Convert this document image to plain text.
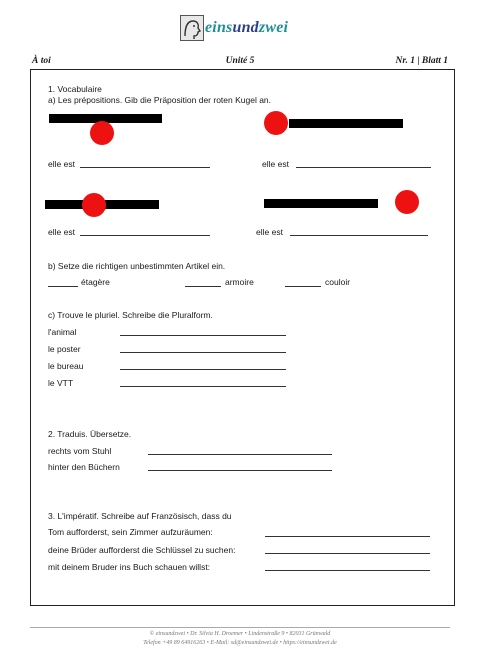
einsundzwei
À toi	Unité 5	Nr. 1 | Blatt 1
1. Vocabulaire
a) Les prépositions. Gib die Präposition der roten Kugel an.
elle est	elle est
elle est	elle est
b) Setze die richtigen unbestimmten Artikel ein.
étagère	armoire	couloir
c) Trouve le pluriel. Schreibe die Pluralform.
l'animal
le poster
le bureau
le VTT
2. Traduis. Übersetze.
rechts vom Stuhl
hinter den Büchern
3. L'impératif. Schreibe auf Französisch, dass du
Tom aufforderst, sein Zimmer aufzuräumen:
deine Brüder aufforderst die Schlüssel zu suchen:
mit deinem Bruder ins Buch schauen willst:
© einsundzwei • Dr. Silvia H. Droemer • Lindenstraße 9 • 82031 Grünwald
Telefon +49 89 64916263 • E-Mail: sd@einsundzwei.de • https://einsundzwei.de
